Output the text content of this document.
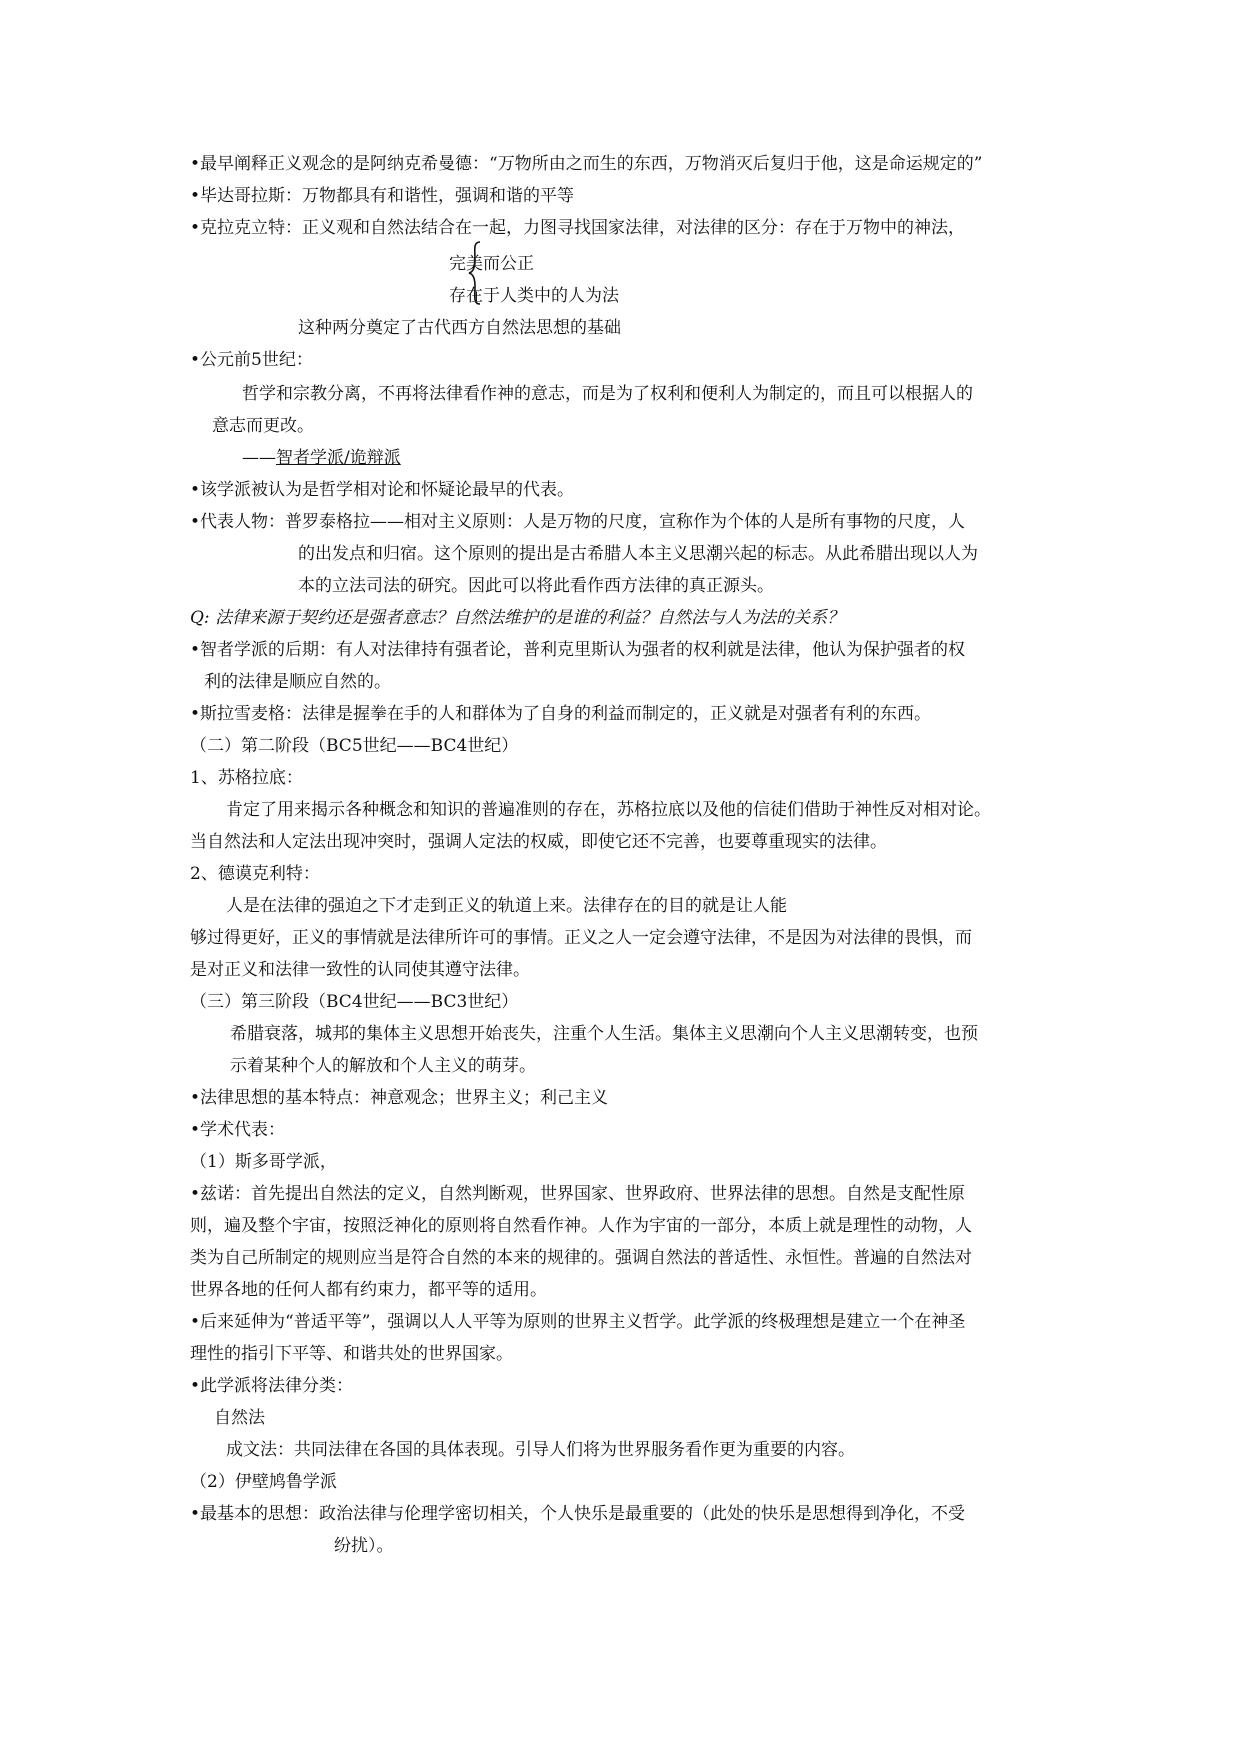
•最早阐释正义观念的是阿纳克希曼德：“万物所由之而生的东西，万物消灭后复归于他，这是命运规定的”
•毕达哥拉斯：万物都具有和谐性，强调和谐的平等
•克拉克立特：正义观和自然法结合在一起，力图寻找国家法律，对法律的区分：存在于万物中的神法，
完美而公正
存在于人类中的人为法
这种两分奠定了古代西方自然法思想的基础
•公元前5世纪：
哲学和宗教分离，不再将法律看作神的意志，而是为了权利和便利人为制定的，而且可以根据人的
意志而更改。
——智者学派/诡辩派
•该学派被认为是哲学相对论和怀疑论最早的代表。
•代表人物：普罗泰格拉——相对主义原则：人是万物的尺度，宣称作为个体的人是所有事物的尺度，人
的出发点和归宿。这个原则的提出是古希腊人本主义思潮兴起的标志。从此希腊出现以人为
本的立法司法的研究。因此可以将此看作西方法律的真正源头。
Q: 法律来源于契约还是强者意志？自然法维护的是谁的利益？自然法与人为法的关系？
•智者学派的后期：有人对法律持有强者论，普利克里斯认为强者的权利就是法律，他认为保护强者的权
利的法律是顺应自然的。
•斯拉雪麦格：法律是握拳在手的人和群体为了自身的利益而制定的，正义就是对强者有利的东西。
（二）第二阶段（BC5世纪——BC4世纪）
1、苏格拉底：
肯定了用来揭示各种概念和知识的普遍准则的存在，苏格拉底以及他的信徒们借助于神性反对相对论。
当自然法和人定法出现冲突时，强调人定法的权威，即使它还不完善，也要尊重现实的法律。
2、德谟克利特：
人是在法律的强迫之下才走到正义的轨道上来。法律存在的目的就是让人能
够过得更好，正义的事情就是法律所许可的事情。正义之人一定会遵守法律，不是因为对法律的畏惧，而
是对正义和法律一致性的认同使其遵守法律。
（三）第三阶段（BC4世纪——BC3世纪）
希腊衰落，城邦的集体主义思想开始丧失，注重个人生活。集体主义思潮向个人主义思潮转变，也预
示着某种个人的解放和个人主义的萌芽。
•法律思想的基本特点：神意观念；世界主义；利己主义
•学术代表：
（1）斯多哥学派，
•兹诺：首先提出自然法的定义，自然判断观，世界国家、世界政府、世界法律的思想。自然是支配性原
则，遍及整个宇宙，按照泛神化的原则将自然看作神。人作为宇宙的一部分，本质上就是理性的动物，人
类为自己所制定的规则应当是符合自然的本来的规律的。强调自然法的普适性、永恒性。普遍的自然法对
世界各地的任何人都有约束力，都平等的适用。
•后来延伸为“普适平等”，强调以人人平等为原则的世界主义哲学。此学派的终极理想是建立一个在神圣
理性的指引下平等、和谐共处的世界国家。
•此学派将法律分类：
自然法
成文法：共同法律在各国的具体表现。引导人们将为世界服务看作更为重要的内容。
（2）伊壁鸠鲁学派
•最基本的思想：政治法律与伦理学密切相关，个人快乐是最重要的（此处的快乐是思想得到净化，不受
纷扰）。
